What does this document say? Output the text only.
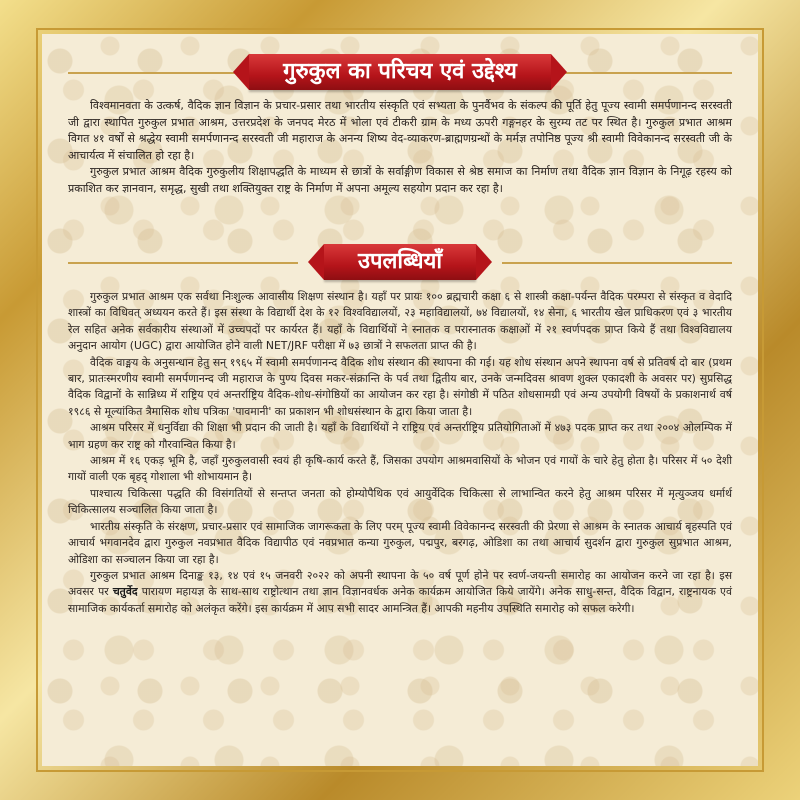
गुरुकुल का परिचय एवं उद्देश्य

विश्वमानवता के उत्कर्ष, वैदिक ज्ञान विज्ञान के प्रचार-प्रसार तथा भारतीय संस्कृति एवं सभ्यता के पुनर्वैभव के संकल्प की पूर्ति हेतु पूज्य स्वामी समर्पणानन्द सरस्वती जी द्वारा स्थापित गुरुकुल प्रभात आश्रम, उत्तरप्रदेश के जनपद मेरठ में भोला एवं टीकरी ग्राम के मध्य ऊपरी गङ्गनहर के सुरम्य तट पर स्थित है। गुरुकुल प्रभात आश्रम विगत ४१ वर्षों से श्रद्धेय स्वामी समर्पणानन्द सरस्वती जी महाराज के अनन्य शिष्य वेद-व्याकरण-ब्राह्मणग्रन्थों के मर्मज्ञ तपोनिष्ठ पूज्य श्री स्वामी विवेकानन्द सरस्वती जी के आचार्यत्व में संचालित हो रहा है।

गुरुकुल प्रभात आश्रम वैदिक गुरुकुलीय शिक्षापद्धति के माध्यम से छात्रों के सर्वाङ्गीण विकास से श्रेष्ठ समाज का निर्माण तथा वैदिक ज्ञान विज्ञान के निगूढ़ रहस्य को प्रकाशित कर ज्ञानवान, समृद्ध, सुखी तथा शक्तियुक्त राष्ट्र के निर्माण में अपना अमूल्य सहयोग प्रदान कर रहा है।

उपलब्धियाँ

गुरुकुल प्रभात आश्रम एक सर्वथा निःशुल्क आवासीय शिक्षण संस्थान है। यहाँ पर प्रायः १०० ब्रह्मचारी कक्षा ६ से शास्त्री कक्षा-पर्यन्त वैदिक परम्परा से संस्कृत व वेदादि शास्त्रों का विधिवत् अध्ययन करते हैं। इस संस्था के विद्यार्थी देश के १२ विश्वविद्यालयों, २३ महाविद्यालयों, ७४ विद्यालयों, १४ सेना, ६ भारतीय खेल प्राधिकरण एवं ३ भारतीय रेल सहित अनेक सर्वकारीय संस्थाओं में उच्चपदों पर कार्यरत हैं। यहाँ के विद्यार्थियों ने स्नातक व परास्नातक कक्षाओं में २१ स्वर्णपदक प्राप्त किये हैं तथा विश्वविद्यालय अनुदान आयोग (UGC) द्वारा आयोजित होने वाली NET/JRF परीक्षा में ७३ छात्रों ने सफलता प्राप्त की है।

वैदिक वाङ्मय के अनुसन्धान हेतु सन् १९६५ में स्वामी समर्पणानन्द वैदिक शोध संस्थान की स्थापना की गई। यह शोध संस्थान अपने स्थापना वर्ष से प्रतिवर्ष दो बार (प्रथम बार, प्रातःस्मरणीय स्वामी समर्पणानन्द जी महाराज के पुण्य दिवस मकर-संक्रान्ति के पर्व तथा द्वितीय बार, उनके जन्मदिवस श्रावण शुक्ल एकादशी के अवसर पर) सुप्रसिद्ध वैदिक विद्वानों के सान्निध्य में राष्ट्रिय एवं अन्तर्राष्ट्रिय वैदिक-शोध-संगोष्ठियों का आयोजन कर रहा है। संगोष्ठी में पठित शोधसामग्री एवं अन्य उपयोगी विषयों के प्रकाशनार्थ वर्ष १९८६ से मूल्यांकित त्रैमासिक शोध पत्रिका 'पावमानी' का प्रकाशन भी शोधसंस्थान के द्वारा किया जाता है।

आश्रम परिसर में धनुर्विद्या की शिक्षा भी प्रदान की जाती है। यहाँ के विद्यार्थियों ने राष्ट्रिय एवं अन्तर्राष्ट्रिय प्रतियोगिताओं में ४७३ पदक प्राप्त कर तथा २००४ ओलम्पिक में भाग ग्रहण कर राष्ट्र को गौरवान्वित किया है।

आश्रम में १६ एकड़ भूमि है, जहाँ गुरुकुलवासी स्वयं ही कृषि-कार्य करते हैं, जिसका उपयोग आश्रमवासियों के भोजन एवं गायों के चारे हेतु होता है। परिसर में ५० देशी गायों वाली एक बृहद् गोशाला भी शोभायमान है।

पाश्चात्य चिकित्सा पद्धति की विसंगतियों से सन्तप्त जनता को होम्योपैथिक एवं आयुर्वेदिक चिकित्सा से लाभान्वित करने हेतु आश्रम परिसर में मृत्युञ्जय धर्मार्थ चिकित्सालय सञ्चालित किया जाता है।

भारतीय संस्कृति के संरक्षण, प्रचार-प्रसार एवं सामाजिक जागरूकता के लिए परम् पूज्य स्वामी विवेकानन्द सरस्वती की प्रेरणा से आश्रम के स्नातक आचार्य बृहस्पति एवं आचार्य भगवानदेव द्वारा गुरुकुल नवप्रभात वैदिक विद्यापीठ एवं नवप्रभात कन्या गुरुकुल, पद्मपुर, बरगढ़, ओडिशा का तथा आचार्य सुदर्शन द्वारा गुरुकुल सुप्रभात आश्रम, ओडिशा का सञ्चालन किया जा रहा है।

गुरुकुल प्रभात आश्रम दिनाङ्क १३, १४ एवं १५ जनवरी २०२२ को अपनी स्थापना के ५० वर्ष पूर्ण होने पर स्वर्ण-जयन्ती समारोह का आयोजन करने जा रहा है। इस अवसर पर चतुर्वेद पारायण महायज्ञ के साथ-साथ राष्ट्रोत्थान तथा ज्ञान विज्ञानवर्धक अनेक कार्यक्रम आयोजित किये जायेंगे। अनेक साधु-सन्त, वैदिक विद्वान, राष्ट्रनायक एवं सामाजिक कार्यकर्ता समारोह को अलंकृत करेंगे। इस कार्यक्रम में आप सभी सादर आमन्त्रित हैं। आपकी महनीय उपस्थिति समारोह को सफल करेगी।
